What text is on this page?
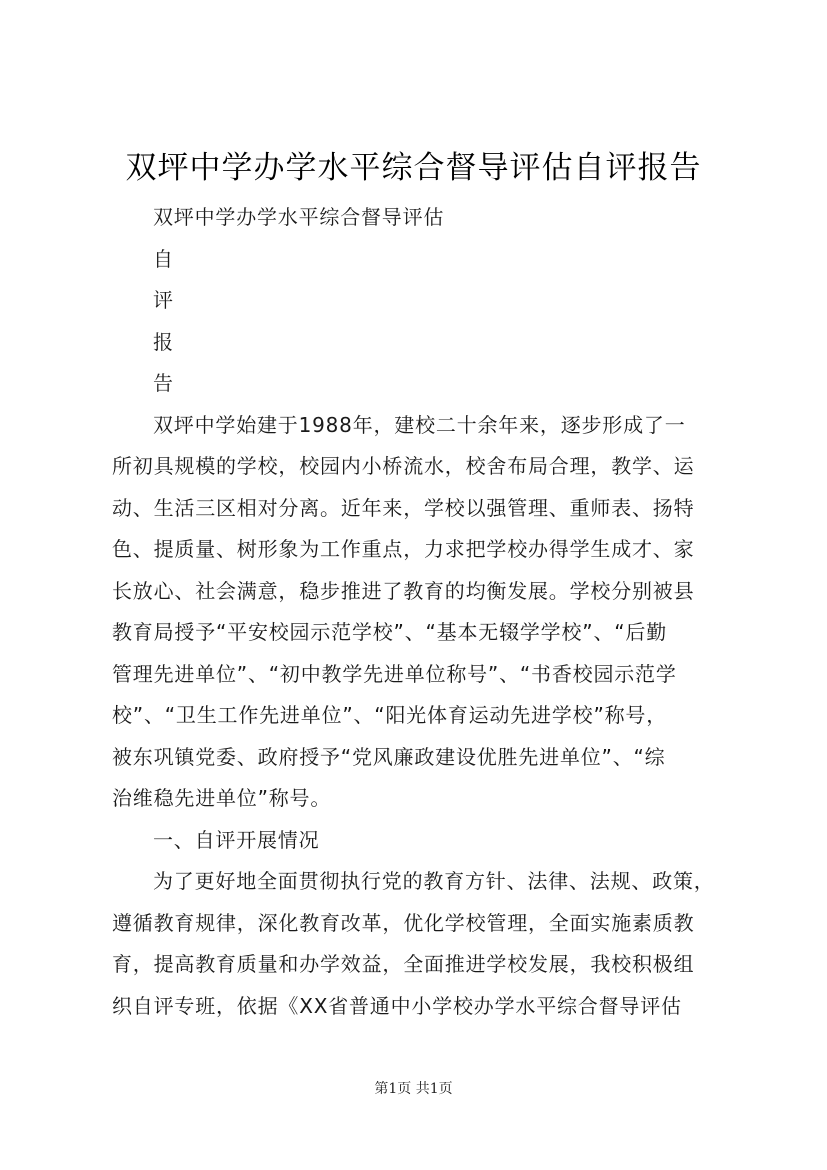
双坪中学办学水平综合督导评估自评报告
双坪中学办学水平综合督导评估
自
评
报
告
双坪中学始建于1988年，建校二十余年来，逐步形成了一
所初具规模的学校，校园内小桥流水，校舍布局合理，教学、运
动、生活三区相对分离。近年来，学校以强管理、重师表、扬特
色、提质量、树形象为工作重点，力求把学校办得学生成才、家
长放心、社会满意，稳步推进了教育的均衡发展。学校分别被县
教育局授予“平安校园示范学校”、“基本无辍学学校”、“后勤
管理先进单位”、“初中教学先进单位称号”、“书香校园示范学
校”、“卫生工作先进单位”、“阳光体育运动先进学校”称号，
被东巩镇党委、政府授予“党风廉政建设优胜先进单位”、“综
治维稳先进单位”称号。
一、自评开展情况
为了更好地全面贯彻执行党的教育方针、法律、法规、政策，
遵循教育规律，深化教育改革，优化学校管理，全面实施素质教
育，提高教育质量和办学效益，全面推进学校发展，我校积极组
织自评专班，依据《XX省普通中小学校办学水平综合督导评估
第1页 共1页
